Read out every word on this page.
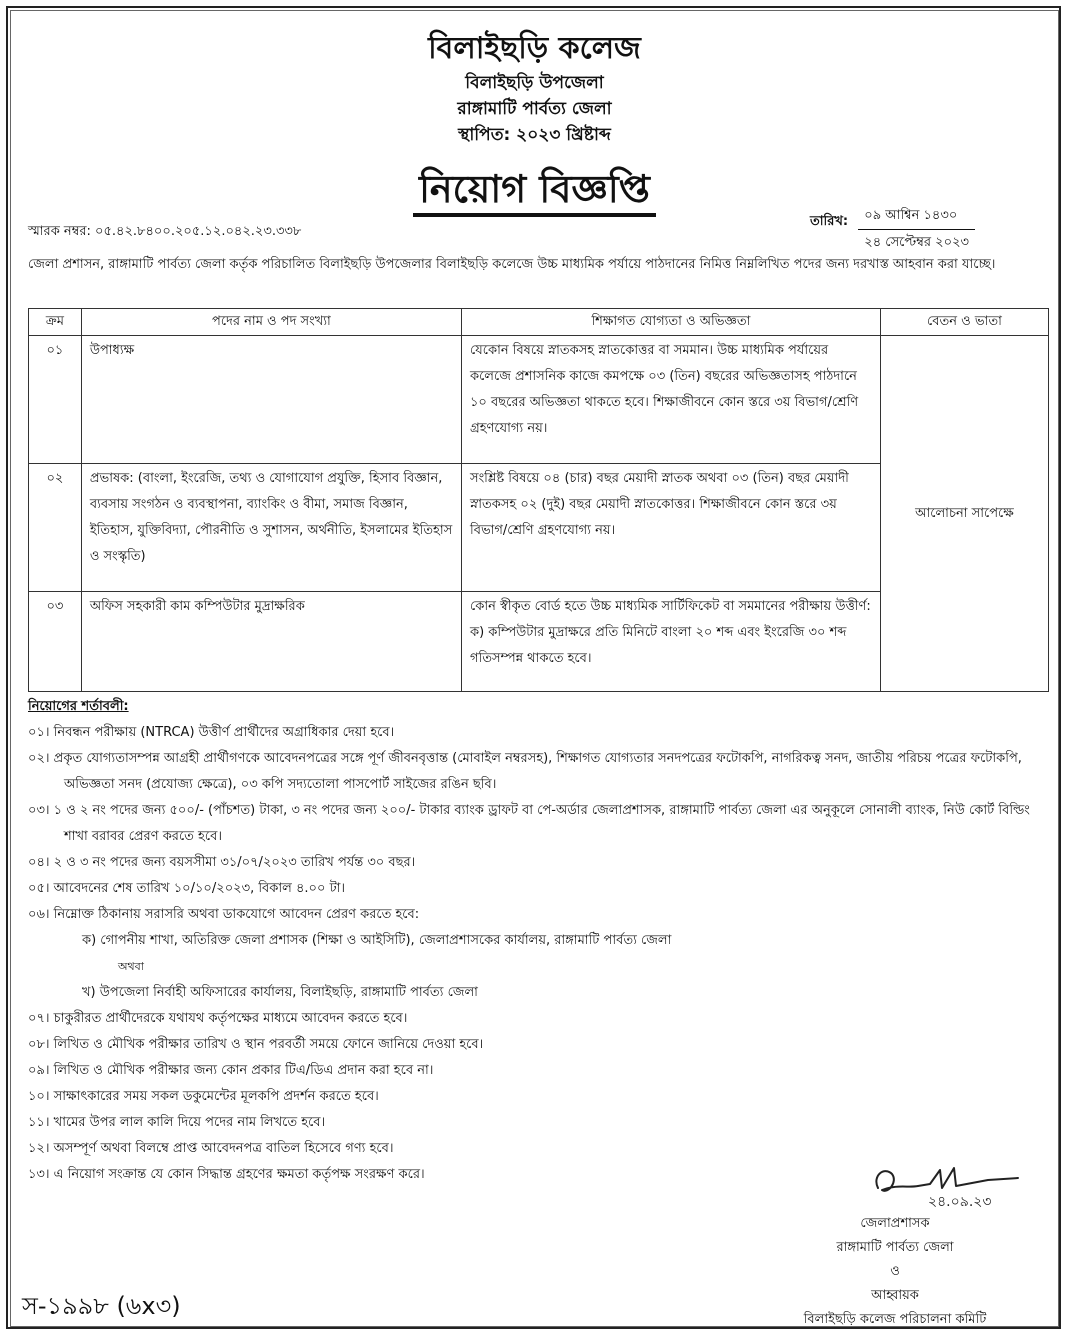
বিলাইছড়ি কলেজ
বিলাইছড়ি উপজেলা
রাঙ্গামাটি পার্বত্য জেলা
স্থাপিত: ২০২৩ খ্রিষ্টাব্দ
নিয়োগ বিজ্ঞপ্তি
স্মারক নম্বর: ০৫.৪২.৮৪০০.২০৫.১২.০৪২.২৩.৩৩৮
তারিখ:	০৯ আশ্বিন ১৪৩০
২৪ সেপ্টেম্বর ২০২৩
জেলা প্রশাসন, রাঙ্গামাটি পার্বত্য জেলা কর্তৃক পরিচালিত বিলাইছড়ি উপজেলার বিলাইছড়ি কলেজে উচ্চ মাধ্যমিক পর্যায়ে পাঠদানের নিমিত্ত নিম্নলিখিত পদের জন্য দরখাস্ত আহবান করা যাচ্ছে।
ক্রম	পদের নাম ও পদ সংখ্যা	শিক্ষাগত যোগ্যতা ও অভিজ্ঞতা	বেতন ও ভাতা
০১	উপাধ্যক্ষ	যেকোন বিষয়ে স্নাতকসহ স্নাতকোত্তর বা সমমান। উচ্চ মাধ্যমিক পর্যায়ের কলেজে প্রশাসনিক কাজে কমপক্ষে ০৩ (তিন) বছরের অভিজ্ঞতাসহ পাঠদানে ১০ বছরের অভিজ্ঞতা থাকতে হবে। শিক্ষাজীবনে কোন স্তরে ৩য় বিভাগ/শ্রেণি গ্রহণযোগ্য নয়।	আলোচনা সাপেক্ষে
০২	প্রভাষক: (বাংলা, ইংরেজি, তথ্য ও যোগাযোগ প্রযুক্তি, হিসাব বিজ্ঞান, ব্যবসায় সংগঠন ও ব্যবস্থাপনা, ব্যাংকিং ও বীমা, সমাজ বিজ্ঞান, ইতিহাস, যুক্তিবিদ্যা, পৌরনীতি ও সুশাসন, অর্থনীতি, ইসলামের ইতিহাস ও সংস্কৃতি)	সংশ্লিষ্ট বিষয়ে ০৪ (চার) বছর মেয়াদী স্নাতক অথবা ০৩ (তিন) বছর মেয়াদী স্নাতকসহ ০২ (দুই) বছর মেয়াদী স্নাতকোত্তর। শিক্ষাজীবনে কোন স্তরে ৩য় বিভাগ/শ্রেণি গ্রহণযোগ্য নয়।	
০৩	অফিস সহকারী কাম কম্পিউটার মুদ্রাক্ষরিক	কোন স্বীকৃত বোর্ড হতে উচ্চ মাধ্যমিক সার্টিফিকেট বা সমমানের পরীক্ষায় উত্তীর্ণ:
ক) কম্পিউটার মুদ্রাক্ষরে প্রতি মিনিটে বাংলা ২০ শব্দ এবং ইংরেজি ৩০ শব্দ গতিসম্পন্ন থাকতে হবে।	
নিয়োগের শর্তাবলী:

০১। নিবন্ধন পরীক্ষায় (NTRCA) উত্তীর্ণ প্রার্থীদের অগ্রাধিকার দেয়া হবে।

০২। প্রকৃত যোগ্যতাসম্পন্ন আগ্রহী প্রার্থীগণকে আবেদনপত্রের সঙ্গে পূর্ণ জীবনবৃত্তান্ত (মোবাইল নম্বরসহ), শিক্ষাগত যোগ্যতার সনদপত্রের ফটোকপি, নাগরিকত্ব সনদ, জাতীয় পরিচয় পত্রের ফটোকপি, অভিজ্ঞতা সনদ (প্রযোজ্য ক্ষেত্রে), ০৩ কপি সদ্যতোলা পাসপোর্ট সাইজের রঙিন ছবি।

০৩। ১ ও ২ নং পদের জন্য ৫০০/- (পাঁচশত) টাকা, ৩ নং পদের জন্য ২০০/- টাকার ব্যাংক ড্রাফট বা পে-অর্ডার জেলাপ্রশাসক, রাঙ্গামাটি পার্বত্য জেলা এর অনুকূলে সোনালী ব্যাংক, নিউ কোর্ট বিল্ডিং শাখা বরাবর প্রেরণ করতে হবে।

০৪। ২ ও ৩ নং পদের জন্য বয়সসীমা ৩১/০৭/২০২৩ তারিখ পর্যন্ত ৩০ বছর।

০৫। আবেদনের শেষ তারিখ ১০/১০/২০২৩, বিকাল ৪.০০ টা।

০৬। নিম্নোক্ত ঠিকানায় সরাসরি অথবা ডাকযোগে আবেদন প্রেরণ করতে হবে:

ক) গোপনীয় শাখা, অতিরিক্ত জেলা প্রশাসক (শিক্ষা ও আইসিটি), জেলাপ্রশাসকের কার্যালয়, রাঙ্গামাটি পার্বত্য জেলা

অথবা

খ) উপজেলা নির্বাহী অফিসারের কার্যালয়, বিলাইছড়ি, রাঙ্গামাটি পার্বত্য জেলা

০৭। চাকুরীরত প্রার্থীদেরকে যথাযথ কর্তৃপক্ষের মাধ্যমে আবেদন করতে হবে।

০৮। লিখিত ও মৌখিক পরীক্ষার তারিখ ও স্থান পরবর্তী সময়ে ফোনে জানিয়ে দেওয়া হবে।

০৯। লিখিত ও মৌখিক পরীক্ষার জন্য কোন প্রকার টিএ/ডিএ প্রদান করা হবে না।

১০। সাক্ষাৎকারের সময় সকল ডকুমেন্টের মূলকপি প্রদর্শন করতে হবে।

১১। খামের উপর লাল কালি দিয়ে পদের নাম লিখতে হবে।

১২। অসম্পূর্ণ অথবা বিলম্বে প্রাপ্ত আবেদনপত্র বাতিল হিসেবে গণ্য হবে।

১৩। এ নিয়োগ সংক্রান্ত যে কোন সিদ্ধান্ত গ্রহণের ক্ষমতা কর্তৃপক্ষ সংরক্ষণ করে।

২৪.০৯.২৩
জেলাপ্রশাসক
রাঙ্গামাটি পার্বত্য জেলা
ও
আহ্বায়ক
বিলাইছড়ি কলেজ পরিচালনা কমিটি
স-১৯৯৮ (৬x৩)
